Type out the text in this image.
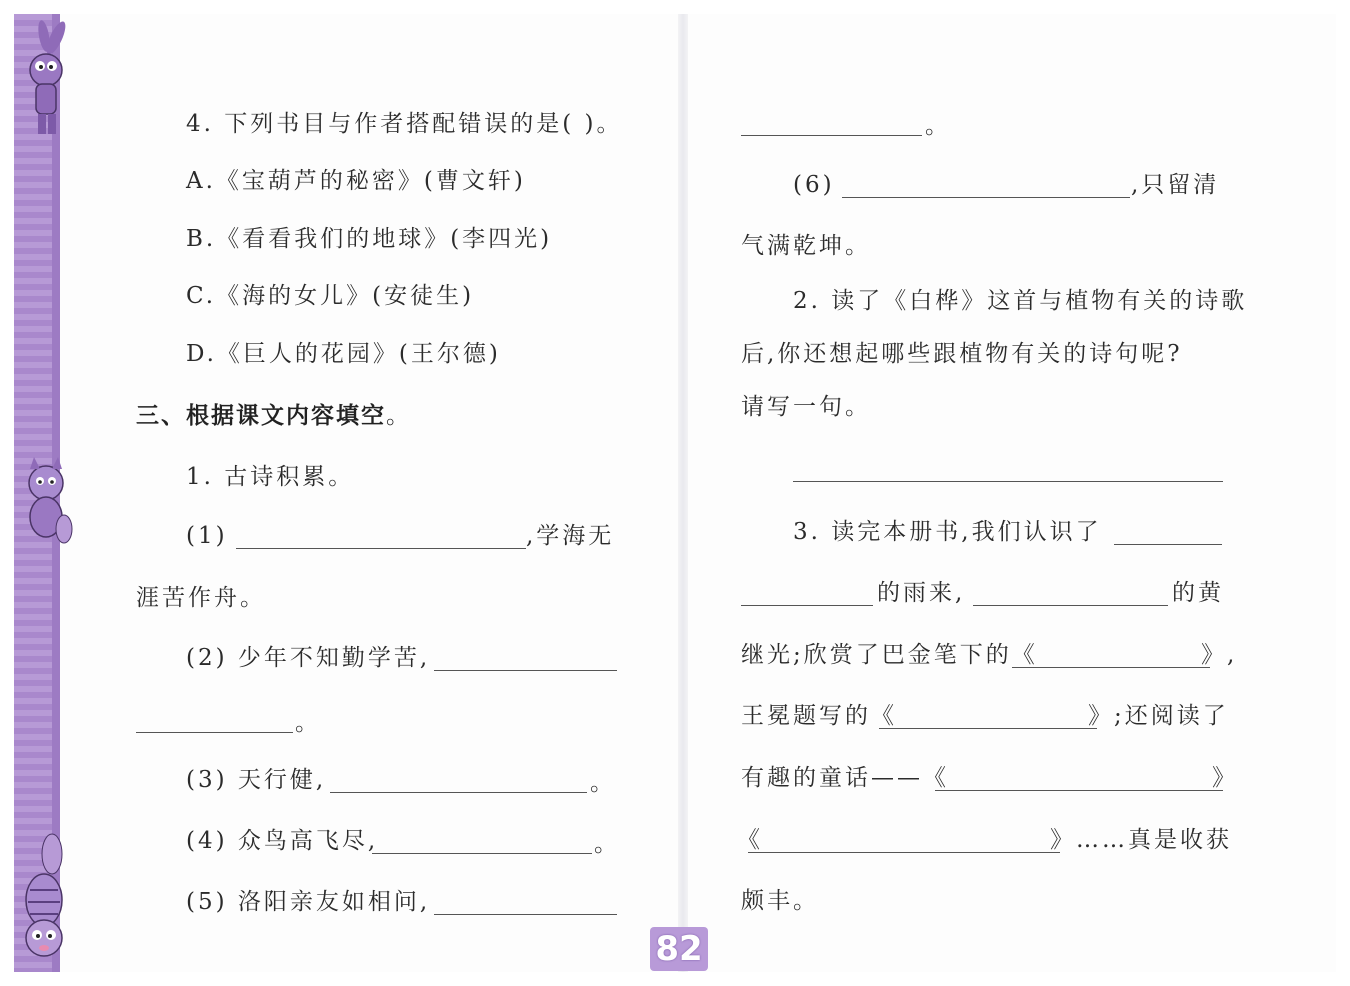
4. 下列书目与作者搭配错误的是( )。
A.《宝葫芦的秘密》(曹文轩)
B.《看看我们的地球》(李四光)
C.《海的女儿》(安徒生)
D.《巨人的花园》(王尔德)
三、根据课文内容填空。
1. 古诗积累。
(1)	,学海无
涯苦作舟。
(2) 少年不知勤学苦,
。
(3) 天行健,	。
(4) 众鸟高飞尽,	。
(5) 洛阳亲友如相问,
。
(6)	,只留清
气满乾坤。
2. 读了《白桦》这首与植物有关的诗歌
后,你还想起哪些跟植物有关的诗句呢?
请写一句。
3. 读完本册书,我们认识了
的雨来,	的黄
继光;欣赏了巴金笔下的《	》,
王冕题写的《	》;还阅读了
有趣的童话——《	》
《	》……真是收获
颇丰。
82
